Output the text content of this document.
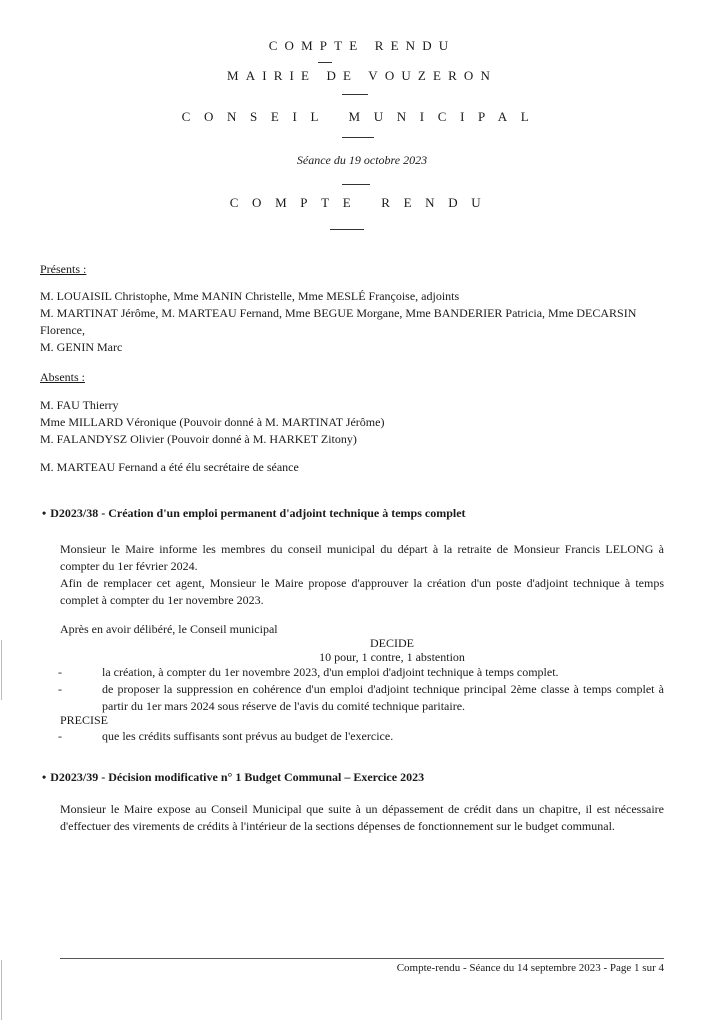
COMPTE RENDU
MAIRIE DE VOUZERON
CONSEIL MUNICIPAL
Séance du 19 octobre 2023
COMPTE RENDU
Présents :
M. LOUAISIL Christophe, Mme MANIN Christelle, Mme MESLÉ Françoise, adjoints
M. MARTINAT Jérôme, M. MARTEAU Fernand, Mme BEGUE Morgane, Mme BANDERIER Patricia, Mme DECARSIN Florence,
M. GENIN Marc
Absents :
M. FAU Thierry
Mme MILLARD Véronique (Pouvoir donné à M. MARTINAT Jérôme)
M. FALANDYSZ Olivier (Pouvoir donné à M. HARKET Zitony)
M. MARTEAU Fernand a été élu secrétaire de séance
• D2023/38 - Création d'un emploi permanent d'adjoint technique à temps complet
Monsieur le Maire informe les membres du conseil municipal du départ à la retraite de Monsieur Francis LELONG à compter du 1er février 2024.
Afin de remplacer cet agent, Monsieur le Maire propose d'approuver la création d'un poste d'adjoint technique à temps complet à compter du 1er novembre 2023.
Après en avoir délibéré, le Conseil municipal
DECIDE
10 pour, 1 contre, 1 abstention
- la création, à compter du 1er novembre 2023, d'un emploi d'adjoint technique à temps complet.
- de proposer la suppression en cohérence d'un emploi d'adjoint technique principal 2ème classe à temps complet à partir du 1er mars 2024 sous réserve de l'avis du comité technique paritaire.
PRECISE
- que les crédits suffisants sont prévus au budget de l'exercice.
• D2023/39 - Décision modificative n° 1 Budget Communal – Exercice 2023
Monsieur le Maire expose au Conseil Municipal que suite à un dépassement de crédit dans un chapitre, il est nécessaire d'effectuer des virements de crédits à l'intérieur de la sections dépenses de fonctionnement sur le budget communal.
Compte-rendu - Séance du 14 septembre 2023 - Page 1 sur 4
